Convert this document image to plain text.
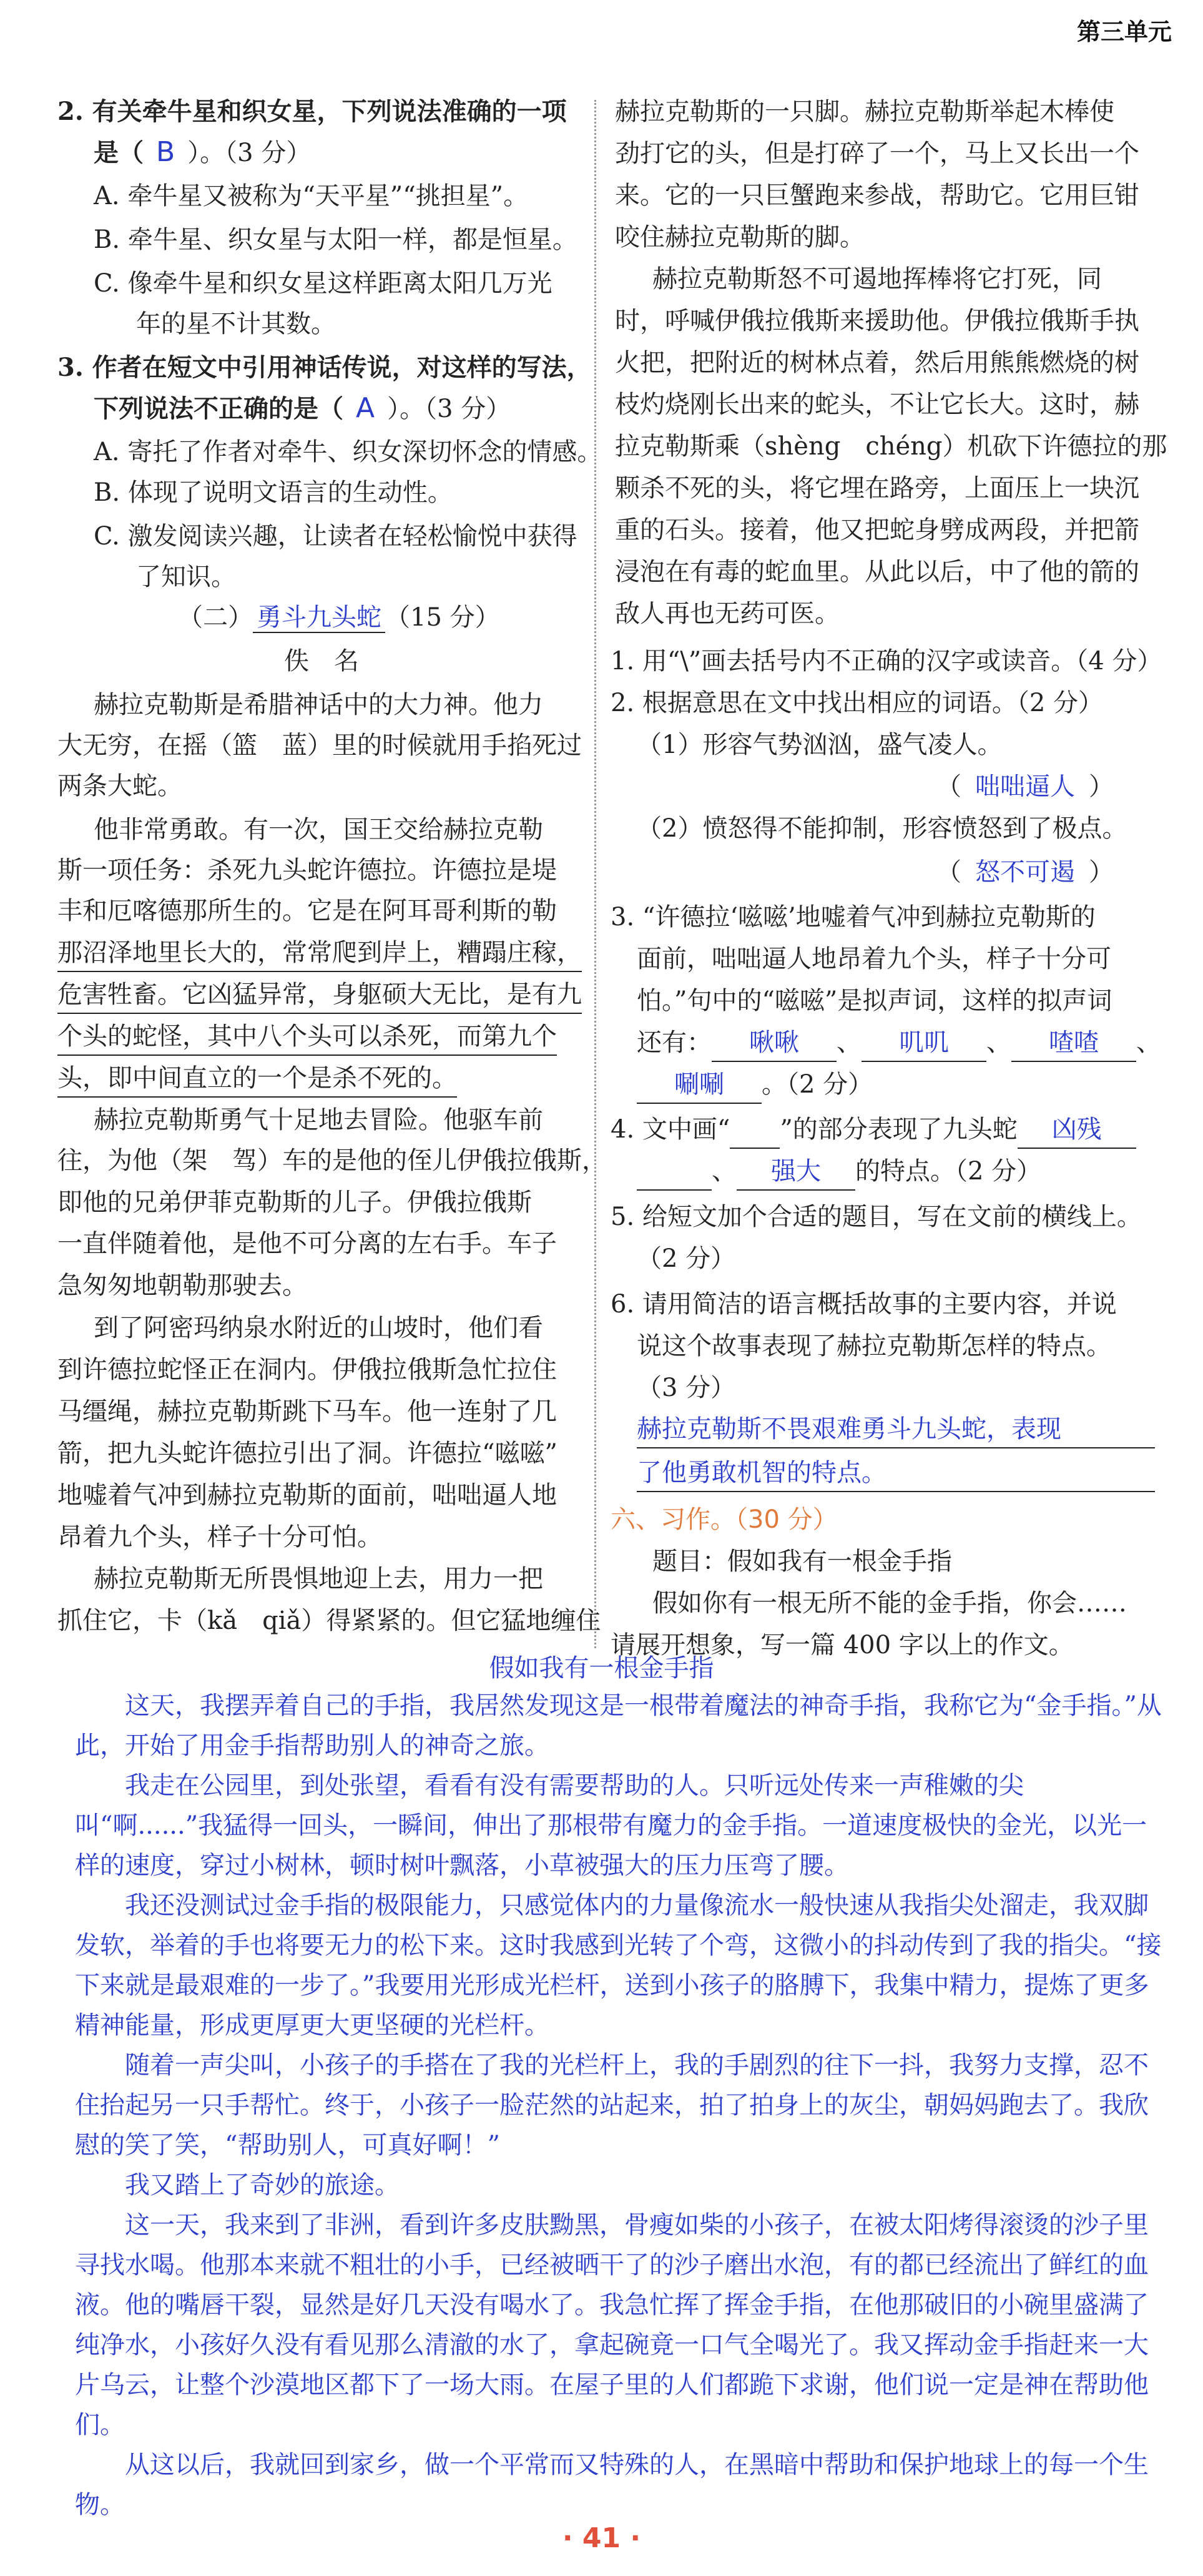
第三单元
2. 有关牵牛星和织女星，下列说法准确的一项
是（ B ）。（3 分）
A. 牵牛星又被称为“天平星”“挑担星”。
B. 牵牛星、织女星与太阳一样，都是恒星。
C. 像牵牛星和织女星这样距离太阳几万光
年的星不计其数。
3. 作者在短文中引用神话传说，对这样的写法，
下列说法不正确的是（ A ）。（3 分）
A. 寄托了作者对牵牛、织女深切怀念的情感。
B. 体现了说明文语言的生动性。
C. 激发阅读兴趣，让读者在轻松愉悦中获得
了知识。
（二） 勇斗九头蛇 （15 分）
佚　名
赫拉克勒斯是希腊神话中的大力神。他力
大无穷，在摇（篮　蓝）里的时候就用手掐死过
两条大蛇。
他非常勇敢。有一次，国王交给赫拉克勒
斯一项任务：杀死九头蛇许德拉。许德拉是堤
丰和厄喀德那所生的。它是在阿耳哥利斯的勒
那沼泽地里长大的，常常爬到岸上，糟蹋庄稼，
危害牲畜。它凶猛异常，身躯硕大无比，是有九
个头的蛇怪，其中八个头可以杀死，而第九个
头，即中间直立的一个是杀不死的。
赫拉克勒斯勇气十足地去冒险。他驱车前
往，为他（架　驾）车的是他的侄儿伊俄拉俄斯，
即他的兄弟伊菲克勒斯的儿子。伊俄拉俄斯
一直伴随着他，是他不可分离的左右手。车子
急匆匆地朝勒那驶去。
到了阿密玛纳泉水附近的山坡时，他们看
到许德拉蛇怪正在洞内。伊俄拉俄斯急忙拉住
马缰绳，赫拉克勒斯跳下马车。他一连射了几
箭，把九头蛇许德拉引出了洞。许德拉“嗞嗞”
地嘘着气冲到赫拉克勒斯的面前，咄咄逼人地
昂着九个头，样子十分可怕。
赫拉克勒斯无所畏惧地迎上去，用力一把
抓住它，卡（kǎ　qiǎ）得紧紧的。但它猛地缠住
赫拉克勒斯的一只脚。赫拉克勒斯举起木棒使
劲打它的头，但是打碎了一个，马上又长出一个
来。它的一只巨蟹跑来参战，帮助它。它用巨钳
咬住赫拉克勒斯的脚。
赫拉克勒斯怒不可遏地挥棒将它打死，同
时，呼喊伊俄拉俄斯来援助他。伊俄拉俄斯手执
火把，把附近的树林点着，然后用熊熊燃烧的树
枝灼烧刚长出来的蛇头，不让它长大。这时，赫
拉克勒斯乘（shèng　chéng）机砍下许德拉的那
颗杀不死的头，将它埋在路旁，上面压上一块沉
重的石头。接着，他又把蛇身劈成两段，并把箭
浸泡在有毒的蛇血里。从此以后，中了他的箭的
敌人再也无药可医。
1. 用“\”画去括号内不正确的汉字或读音。（4 分）
2. 根据意思在文中找出相应的词语。（2 分）
（1）形容气势汹汹，盛气凌人。
（ 咄咄逼人 ）
（2）愤怒得不能抑制，形容愤怒到了极点。
（ 怒不可遏 ）
3. “许德拉‘嗞嗞’地嘘着气冲到赫拉克勒斯的
面前，咄咄逼人地昂着九个头，样子十分可
怕。”句中的“嗞嗞”是拟声词，这样的拟声词
还有： 啾啾 、 叽叽 、 喳喳 、
唰唰 。（2 分）
4. 文中画“ ”的部分表现了九头蛇 凶残
、 强大 的特点。（2 分）
5. 给短文加个合适的题目，写在文前的横线上。
（2 分）
6. 请用简洁的语言概括故事的主要内容，并说
说这个故事表现了赫拉克勒斯怎样的特点。
（3 分）
赫拉克勒斯不畏艰难勇斗九头蛇，表现
了他勇敢机智的特点。
六、习作。（30 分）
题目：假如我有一根金手指
假如你有一根无所不能的金手指，你会……
请展开想象，写一篇 400 字以上的作文。
假如我有一根金手指

　　这天，我摆弄着自己的手指，我居然发现这是一根带着魔法的神奇手指，我称它为“金手指。”从此，开始了用金手指帮助别人的神奇之旅。

　　我走在公园里，到处张望，看看有没有需要帮助的人。只听远处传来一声稚嫩的尖叫“啊......”我猛得一回头，一瞬间，伸出了那根带有魔力的金手指。一道速度极快的金光，以光一样的速度，穿过小树林，顿时树叶飘落，小草被强大的压力压弯了腰。

　　我还没测试过金手指的极限能力，只感觉体内的力量像流水一般快速从我指尖处溜走，我双脚发软，举着的手也将要无力的松下来。这时我感到光转了个弯，这微小的抖动传到了我的指尖。“接下来就是最艰难的一步了。”我要用光形成光栏杆，送到小孩子的胳膊下，我集中精力，提炼了更多精神能量，形成更厚更大更坚硬的光栏杆。

　　随着一声尖叫，小孩子的手搭在了我的光栏杆上，我的手剧烈的往下一抖，我努力支撑，忍不住抬起另一只手帮忙。终于，小孩子一脸茫然的站起来，拍了拍身上的灰尘，朝妈妈跑去了。我欣慰的笑了笑，“帮助别人，可真好啊！”

　　我又踏上了奇妙的旅途。

　　这一天，我来到了非洲，看到许多皮肤黝黑，骨瘦如柴的小孩子，在被太阳烤得滚烫的沙子里寻找水喝。他那本来就不粗壮的小手，已经被晒干了的沙子磨出水泡，有的都已经流出了鲜红的血液。他的嘴唇干裂，显然是好几天没有喝水了。我急忙挥了挥金手指，在他那破旧的小碗里盛满了纯净水，小孩好久没有看见那么清澈的水了，拿起碗竟一口气全喝光了。我又挥动金手指赶来一大片乌云，让整个沙漠地区都下了一场大雨。在屋子里的人们都跪下求谢，他们说一定是神在帮助他们。

　　从这以后，我就回到家乡，做一个平常而又特殊的人，在黑暗中帮助和保护地球上的每一个生物。

· 41 ·
